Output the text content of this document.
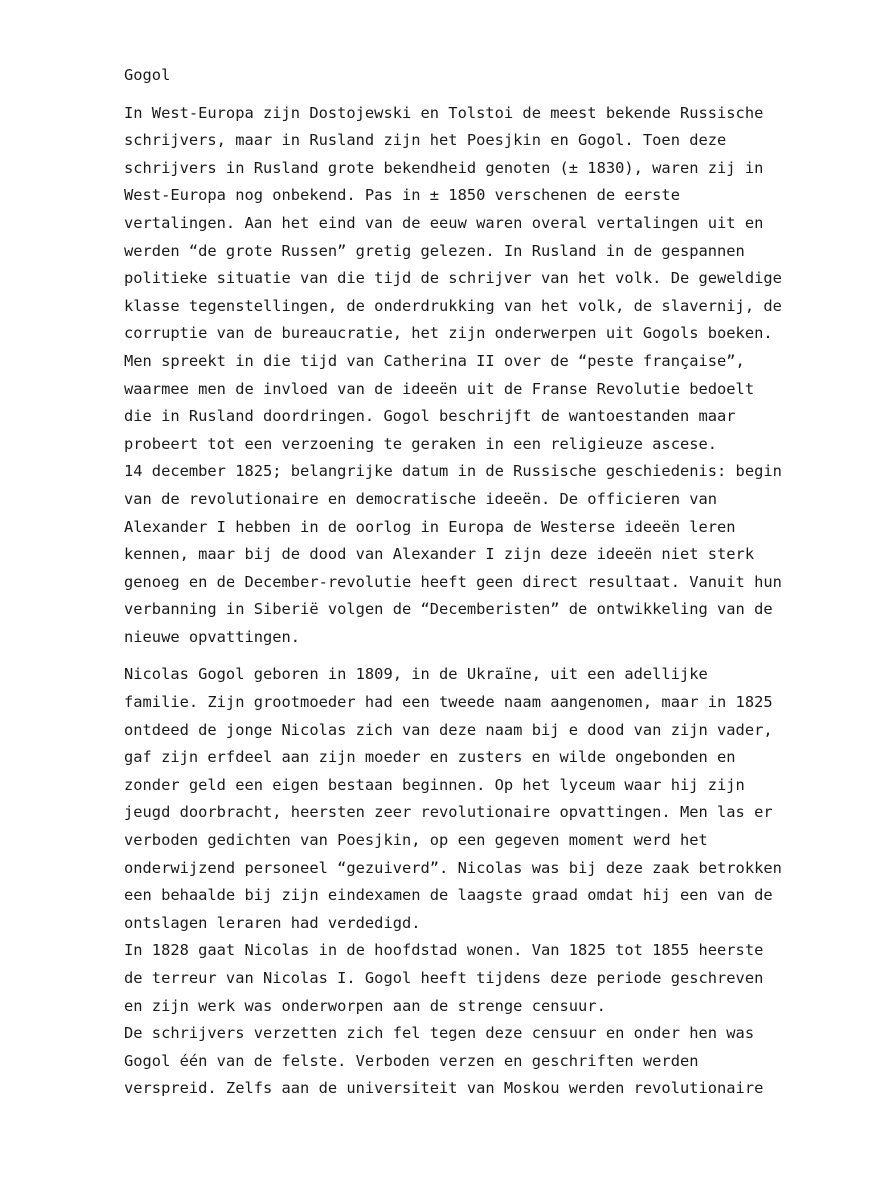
Gogol
In West-Europa zijn Dostojewski en Tolstoi de meest bekende Russische
schrijvers, maar in Rusland zijn het Poesjkin en Gogol. Toen deze
schrijvers in Rusland grote bekendheid genoten (± 1830), waren zij in
West-Europa nog onbekend. Pas in ± 1850 verschenen de eerste
vertalingen. Aan het eind van de eeuw waren overal vertalingen uit en
werden “de grote Russen” gretig gelezen. In Rusland in de gespannen
politieke situatie van die tijd de schrijver van het volk. De geweldige
klasse tegenstellingen, de onderdrukking van het volk, de slavernij, de
corruptie van de bureaucratie, het zijn onderwerpen uit Gogols boeken.
Men spreekt in die tijd van Catherina II over de “peste française”,
waarmee men de invloed van de ideeën uit de Franse Revolutie bedoelt
die in Rusland doordringen. Gogol beschrijft de wantoestanden maar
probeert tot een verzoening te geraken in een religieuze ascese.
14 december 1825; belangrijke datum in de Russische geschiedenis: begin
van de revolutionaire en democratische ideeën. De officieren van
Alexander I hebben in de oorlog in Europa de Westerse ideeën leren
kennen, maar bij de dood van Alexander I zijn deze ideeën niet sterk
genoeg en de December-revolutie heeft geen direct resultaat. Vanuit hun
verbanning in Siberië volgen de “Decemberisten” de ontwikkeling van de
nieuwe opvattingen.
Nicolas Gogol geboren in 1809, in de Ukraïne, uit een adellijke
familie. Zijn grootmoeder had een tweede naam aangenomen, maar in 1825
ontdeed de jonge Nicolas zich van deze naam bij e dood van zijn vader,
gaf zijn erfdeel aan zijn moeder en zusters en wilde ongebonden en
zonder geld een eigen bestaan beginnen. Op het lyceum waar hij zijn
jeugd doorbracht, heersten zeer revolutionaire opvattingen. Men las er
verboden gedichten van Poesjkin, op een gegeven moment werd het
onderwijzend personeel “gezuiverd”. Nicolas was bij deze zaak betrokken
een behaalde bij zijn eindexamen de laagste graad omdat hij een van de
ontslagen leraren had verdedigd.
In 1828 gaat Nicolas in de hoofdstad wonen. Van 1825 tot 1855 heerste
de terreur van Nicolas I. Gogol heeft tijdens deze periode geschreven
en zijn werk was onderworpen aan de strenge censuur.
De schrijvers verzetten zich fel tegen deze censuur en onder hen was
Gogol één van de felste. Verboden verzen en geschriften werden
verspreid. Zelfs aan de universiteit van Moskou werden revolutionaire
